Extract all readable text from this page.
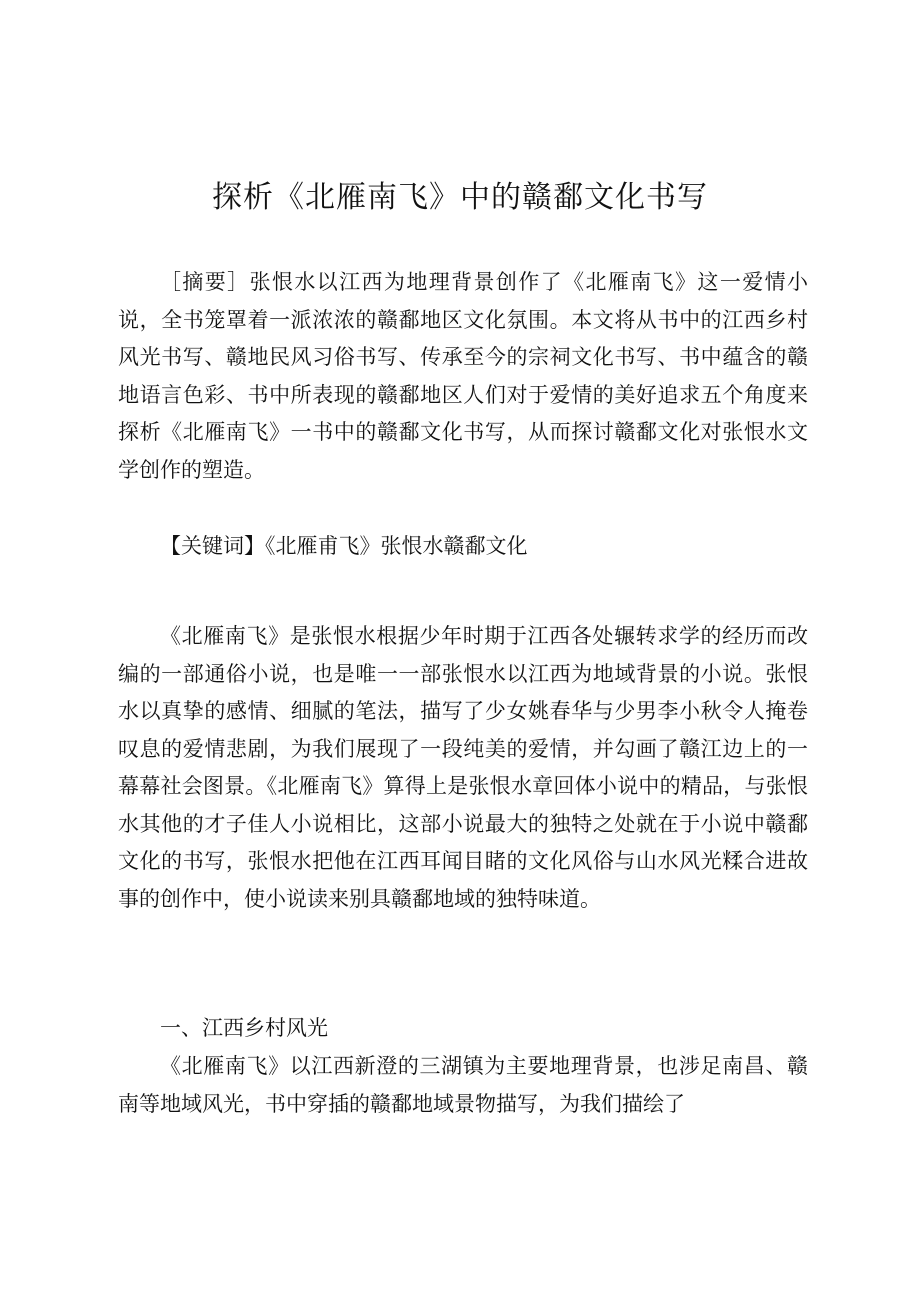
探析《北雁南飞》中的赣鄱文化书写

［摘要］张恨水以江西为地理背景创作了《北雁南飞》这一爱情小说，全书笼罩着一派浓浓的赣鄱地区文化氛围。本文将从书中的江西乡村风光书写、赣地民风习俗书写、传承至今的宗祠文化书写、书中蕴含的赣地语言色彩、书中所表现的赣鄱地区人们对于爱情的美好追求五个角度来探析《北雁南飞》一书中的赣鄱文化书写，从而探讨赣鄱文化对张恨水文学创作的塑造。

【关键词】《北雁甫飞》张恨水赣鄱文化

《北雁南飞》是张恨水根据少年时期于江西各处辗转求学的经历而改编的一部通俗小说，也是唯一一部张恨水以江西为地域背景的小说。张恨水以真挚的感情、细腻的笔法，描写了少女姚春华与少男李小秋令人掩卷叹息的爱情悲剧，为我们展现了一段纯美的爱情，并勾画了赣江边上的一幕幕社会图景。《北雁南飞》算得上是张恨水章回体小说中的精品，与张恨水其他的才子佳人小说相比，这部小说最大的独特之处就在于小说中赣鄱文化的书写，张恨水把他在江西耳闻目睹的文化风俗与山水风光糅合进故事的创作中，使小说读来别具赣鄱地域的独特味道。

一、江西乡村风光

《北雁南飞》以江西新澄的三湖镇为主要地理背景，也涉足南昌、赣南等地域风光，书中穿插的赣鄱地域景物描写，为我们描绘了
